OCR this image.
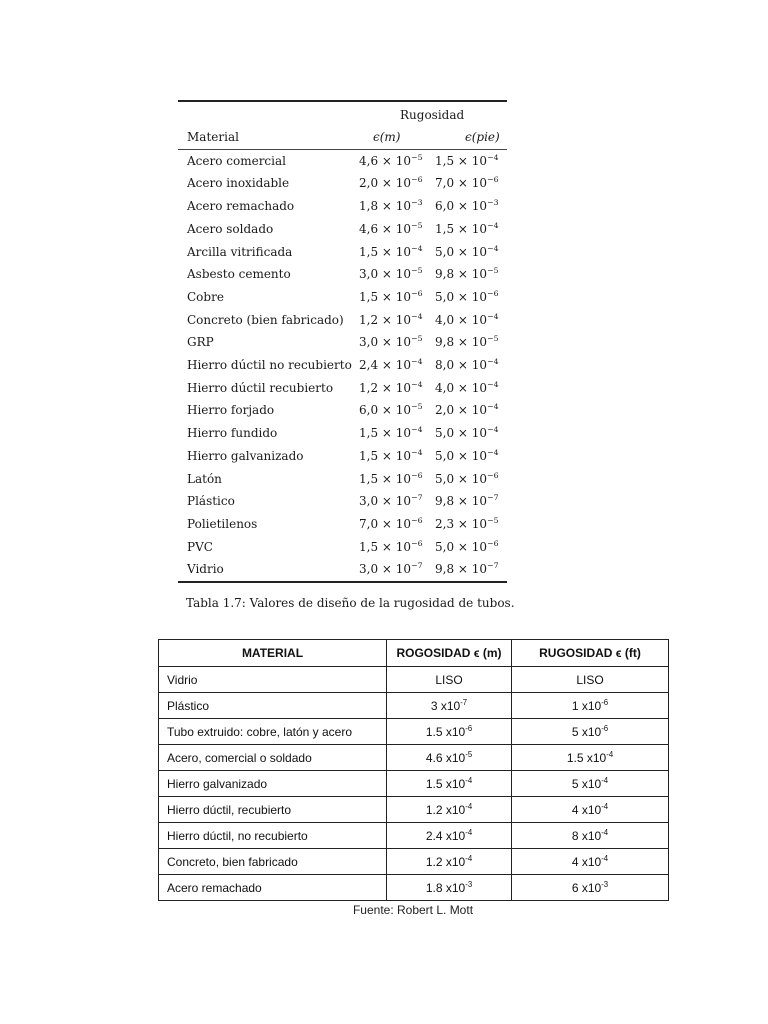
Rugosidad
Material	ϵ(m)	ϵ(pie)
Acero comercial	$4,6 \times 10^{-5}$	$1,5 \times 10^{-4}$
Acero inoxidable	$2,0 \times 10^{-6}$	$7,0 \times 10^{-6}$
Acero remachado	$1,8 \times 10^{-3}$	$6,0 \times 10^{-3}$
Acero soldado	$4,6 \times 10^{-5}$	$1,5 \times 10^{-4}$
Arcilla vitrificada	$1,5 \times 10^{-4}$	$5,0 \times 10^{-4}$
Asbesto cemento	$3,0 \times 10^{-5}$	$9,8 \times 10^{-5}$
Cobre	$1,5 \times 10^{-6}$	$5,0 \times 10^{-6}$
Concreto (bien fabricado)	$1,2 \times 10^{-4}$	$4,0 \times 10^{-4}$
GRP	$3,0 \times 10^{-5}$	$9,8 \times 10^{-5}$
Hierro dúctil no recubierto	$2,4 \times 10^{-4}$	$8,0 \times 10^{-4}$
Hierro dúctil recubierto	$1,2 \times 10^{-4}$	$4,0 \times 10^{-4}$
Hierro forjado	$6,0 \times 10^{-5}$	$2,0 \times 10^{-4}$
Hierro fundido	$1,5 \times 10^{-4}$	$5,0 \times 10^{-4}$
Hierro galvanizado	$1,5 \times 10^{-4}$	$5,0 \times 10^{-4}$
Latón	$1,5 \times 10^{-6}$	$5,0 \times 10^{-6}$
Plástico	$3,0 \times 10^{-7}$	$9,8 \times 10^{-7}$
Polietilenos	$7,0 \times 10^{-6}$	$2,3 \times 10^{-5}$
PVC	$1,5 \times 10^{-6}$	$5,0 \times 10^{-6}$
Vidrio	$3,0 \times 10^{-7}$	$9,8 \times 10^{-7}$
Tabla 1.7: Valores de diseño de la rugosidad de tubos.
MATERIAL	ROGOSIDAD ϵ (m)	RUGOSIDAD ϵ (ft)
Vidrio	LISO	LISO
Plástico	3 $x10^{-7}$	1 $x10^{-6}$
Tubo extruido: cobre, latón y acero	1.5 $x10^{-6}$	5 $x10^{-6}$
Acero, comercial o soldado	4.6 $x10^{-5}$	1.5 $x10^{-4}$
Hierro galvanizado	1.5 $x10^{-4}$	5 $x10^{-4}$
Hierro dúctil, recubierto	1.2 $x10^{-4}$	4 $x10^{-4}$
Hierro dúctil, no recubierto	2.4 $x10^{-4}$	8 $x10^{-4}$
Concreto, bien fabricado	1.2 $x10^{-4}$	4 $x10^{-4}$
Acero remachado	1.8 $x10^{-3}$	6 $x10^{-3}$
Fuente: Robert L. Mott
